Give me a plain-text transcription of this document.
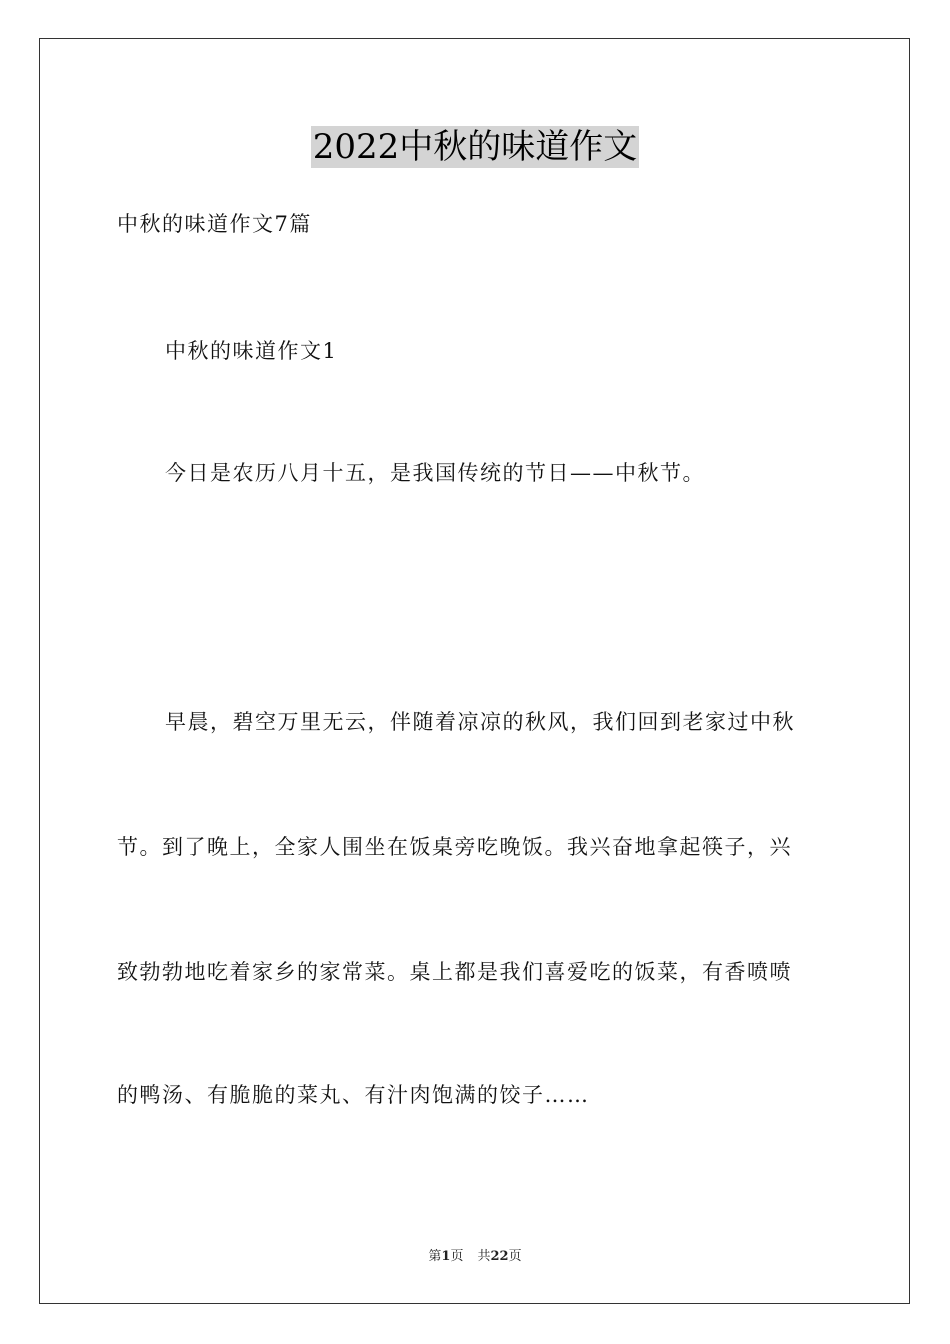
2022中秋的味道作文
中秋的味道作文7篇
中秋的味道作文1
今日是农历八月十五，是我国传统的节日——中秋节。
早晨，碧空万里无云，伴随着凉凉的秋风，我们回到老家过中秋
节。到了晚上，全家人围坐在饭桌旁吃晚饭。我兴奋地拿起筷子，兴
致勃勃地吃着家乡的家常菜。桌上都是我们喜爱吃的饭菜，有香喷喷
的鸭汤、有脆脆的菜丸、有汁肉饱满的饺子……
第1页 共22页
